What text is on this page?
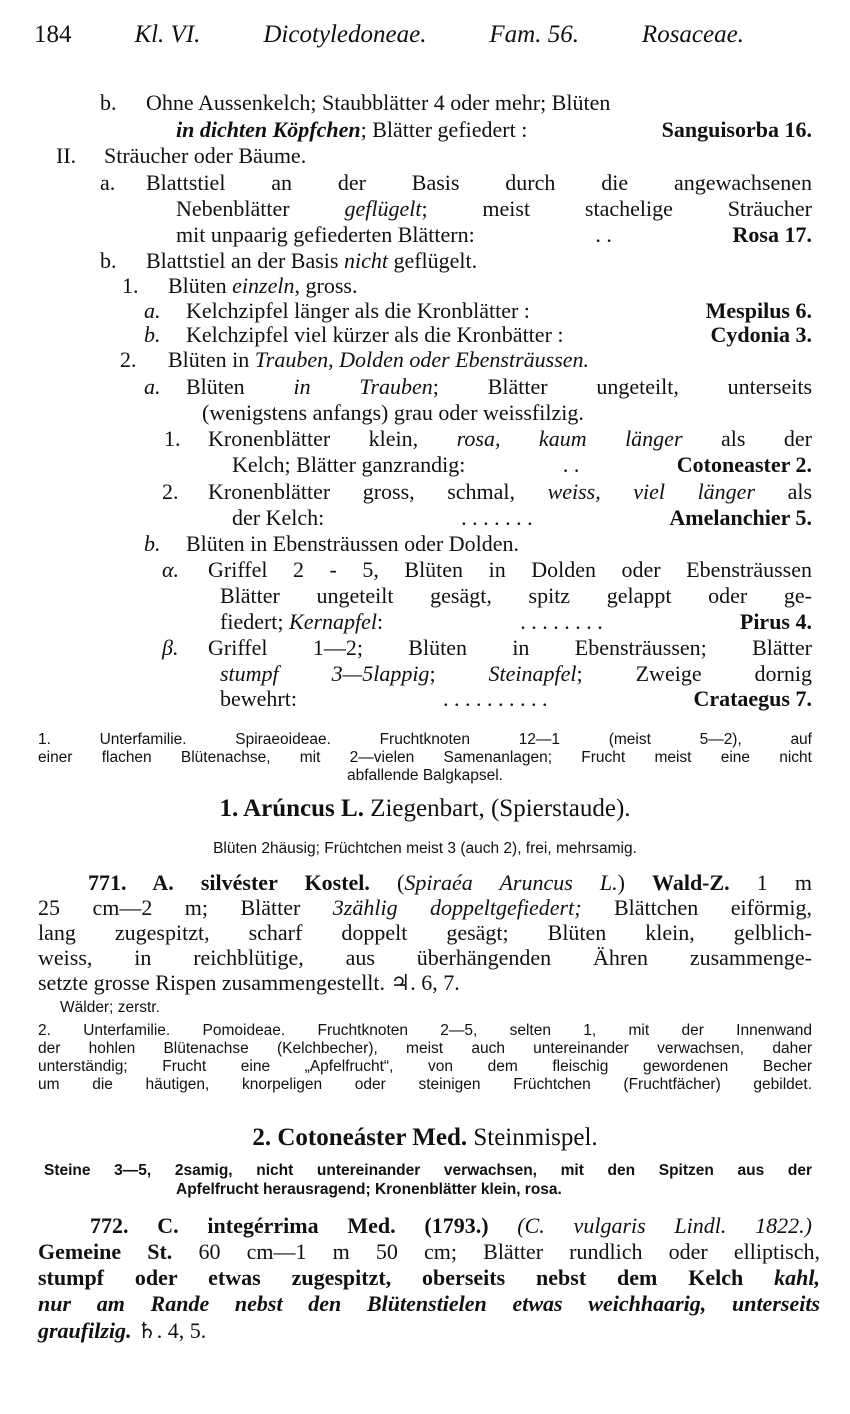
184	Kl. VI.	Dicotyledoneae.	Fam. 56.	Rosaceae.
b. Ohne Aussenkelch; Staubblätter 4 oder mehr; Blüten
in dichten Köpfchen; Blätter gefiedert :	Sanguisorba 16.
II. Sträucher oder Bäume.
a. Blattstiel an der Basis durch die angewachsenen
Nebenblätter geflügelt; meist stachelige Sträucher
mit unpaarig gefiederten Blättern:	. .	Rosa 17.
b. Blattstiel an der Basis nicht geflügelt.
1. Blüten einzeln, gross.
a. Kelchzipfel länger als die Kronblätter :	Mespilus 6.
b. Kelchzipfel viel kürzer als die Kronbätter :	Cydonia 3.
2. Blüten in Trauben, Dolden oder Ebensträussen.
a. Blüten in Trauben; Blätter ungeteilt, unterseits
(wenigstens anfangs) grau oder weissfilzig.
1. Kronenblätter klein, rosa, kaum länger als der
Kelch; Blätter ganzrandig:	. .	Cotoneaster 2.
2. Kronenblätter gross, schmal, weiss, viel länger als
der Kelch:	. . . . . . .	Amelanchier 5.
b. Blüten in Ebensträussen oder Dolden.
α. Griffel 2 - 5, Blüten in Dolden oder Ebensträussen
Blätter ungeteilt gesägt, spitz gelappt oder ge-
fiedert; Kernapfel:	. . . . . . . .	Pirus 4.
β. Griffel 1—2; Blüten in Ebensträussen; Blätter
stumpf 3—5lappig; Steinapfel; Zweige dornig
bewehrt:	. . . . . . . . . .	Crataegus 7.
1. Unterfamilie. Spiraeoideae. Fruchtknoten 12—1 (meist 5—2), auf
einer flachen Blütenachse, mit 2—vielen Samenanlagen; Frucht meist eine nicht
abfallende Balgkapsel.
1. Arúncus L. Ziegenbart, (Spierstaude).
Blüten 2häusig; Früchtchen meist 3 (auch 2), frei, mehrsamig.
771. A. silvéster Kostel. (Spiraéa Aruncus L.) Wald-Z. 1 m
25 cm—2 m; Blätter 3zählig doppeltgefiedert; Blättchen eiförmig,
lang zugespitzt, scharf doppelt gesägt; Blüten klein, gelblich-
weiss, in reichblütige, aus überhängenden Ähren zusammenge-
setzte grosse Rispen zusammengestellt. ♃. 6, 7.
Wälder; zerstr.
2. Unterfamilie. Pomoideae. Fruchtknoten 2—5, selten 1, mit der Innenwand
der hohlen Blütenachse (Kelchbecher), meist auch untereinander verwachsen, daher
unterständig; Frucht eine „Apfelfrucht“, von dem fleischig gewordenen Becher
um die häutigen, knorpeligen oder steinigen Früchtchen (Fruchtfächer) gebildet.
2. Cotoneáster Med. Steinmispel.
Steine 3—5, 2samig, nicht untereinander verwachsen, mit den Spitzen aus der
Apfelfrucht herausragend; Kronenblätter klein, rosa.
772. C. integérrima Med. (1793.) (C. vulgaris Lindl. 1822.)
Gemeine St. 60 cm—1 m 50 cm; Blätter rundlich oder elliptisch,
stumpf oder etwas zugespitzt, oberseits nebst dem Kelch kahl,
nur am Rande nebst den Blütenstielen etwas weichhaarig, unterseits
graufilzig. ♄. 4, 5.
